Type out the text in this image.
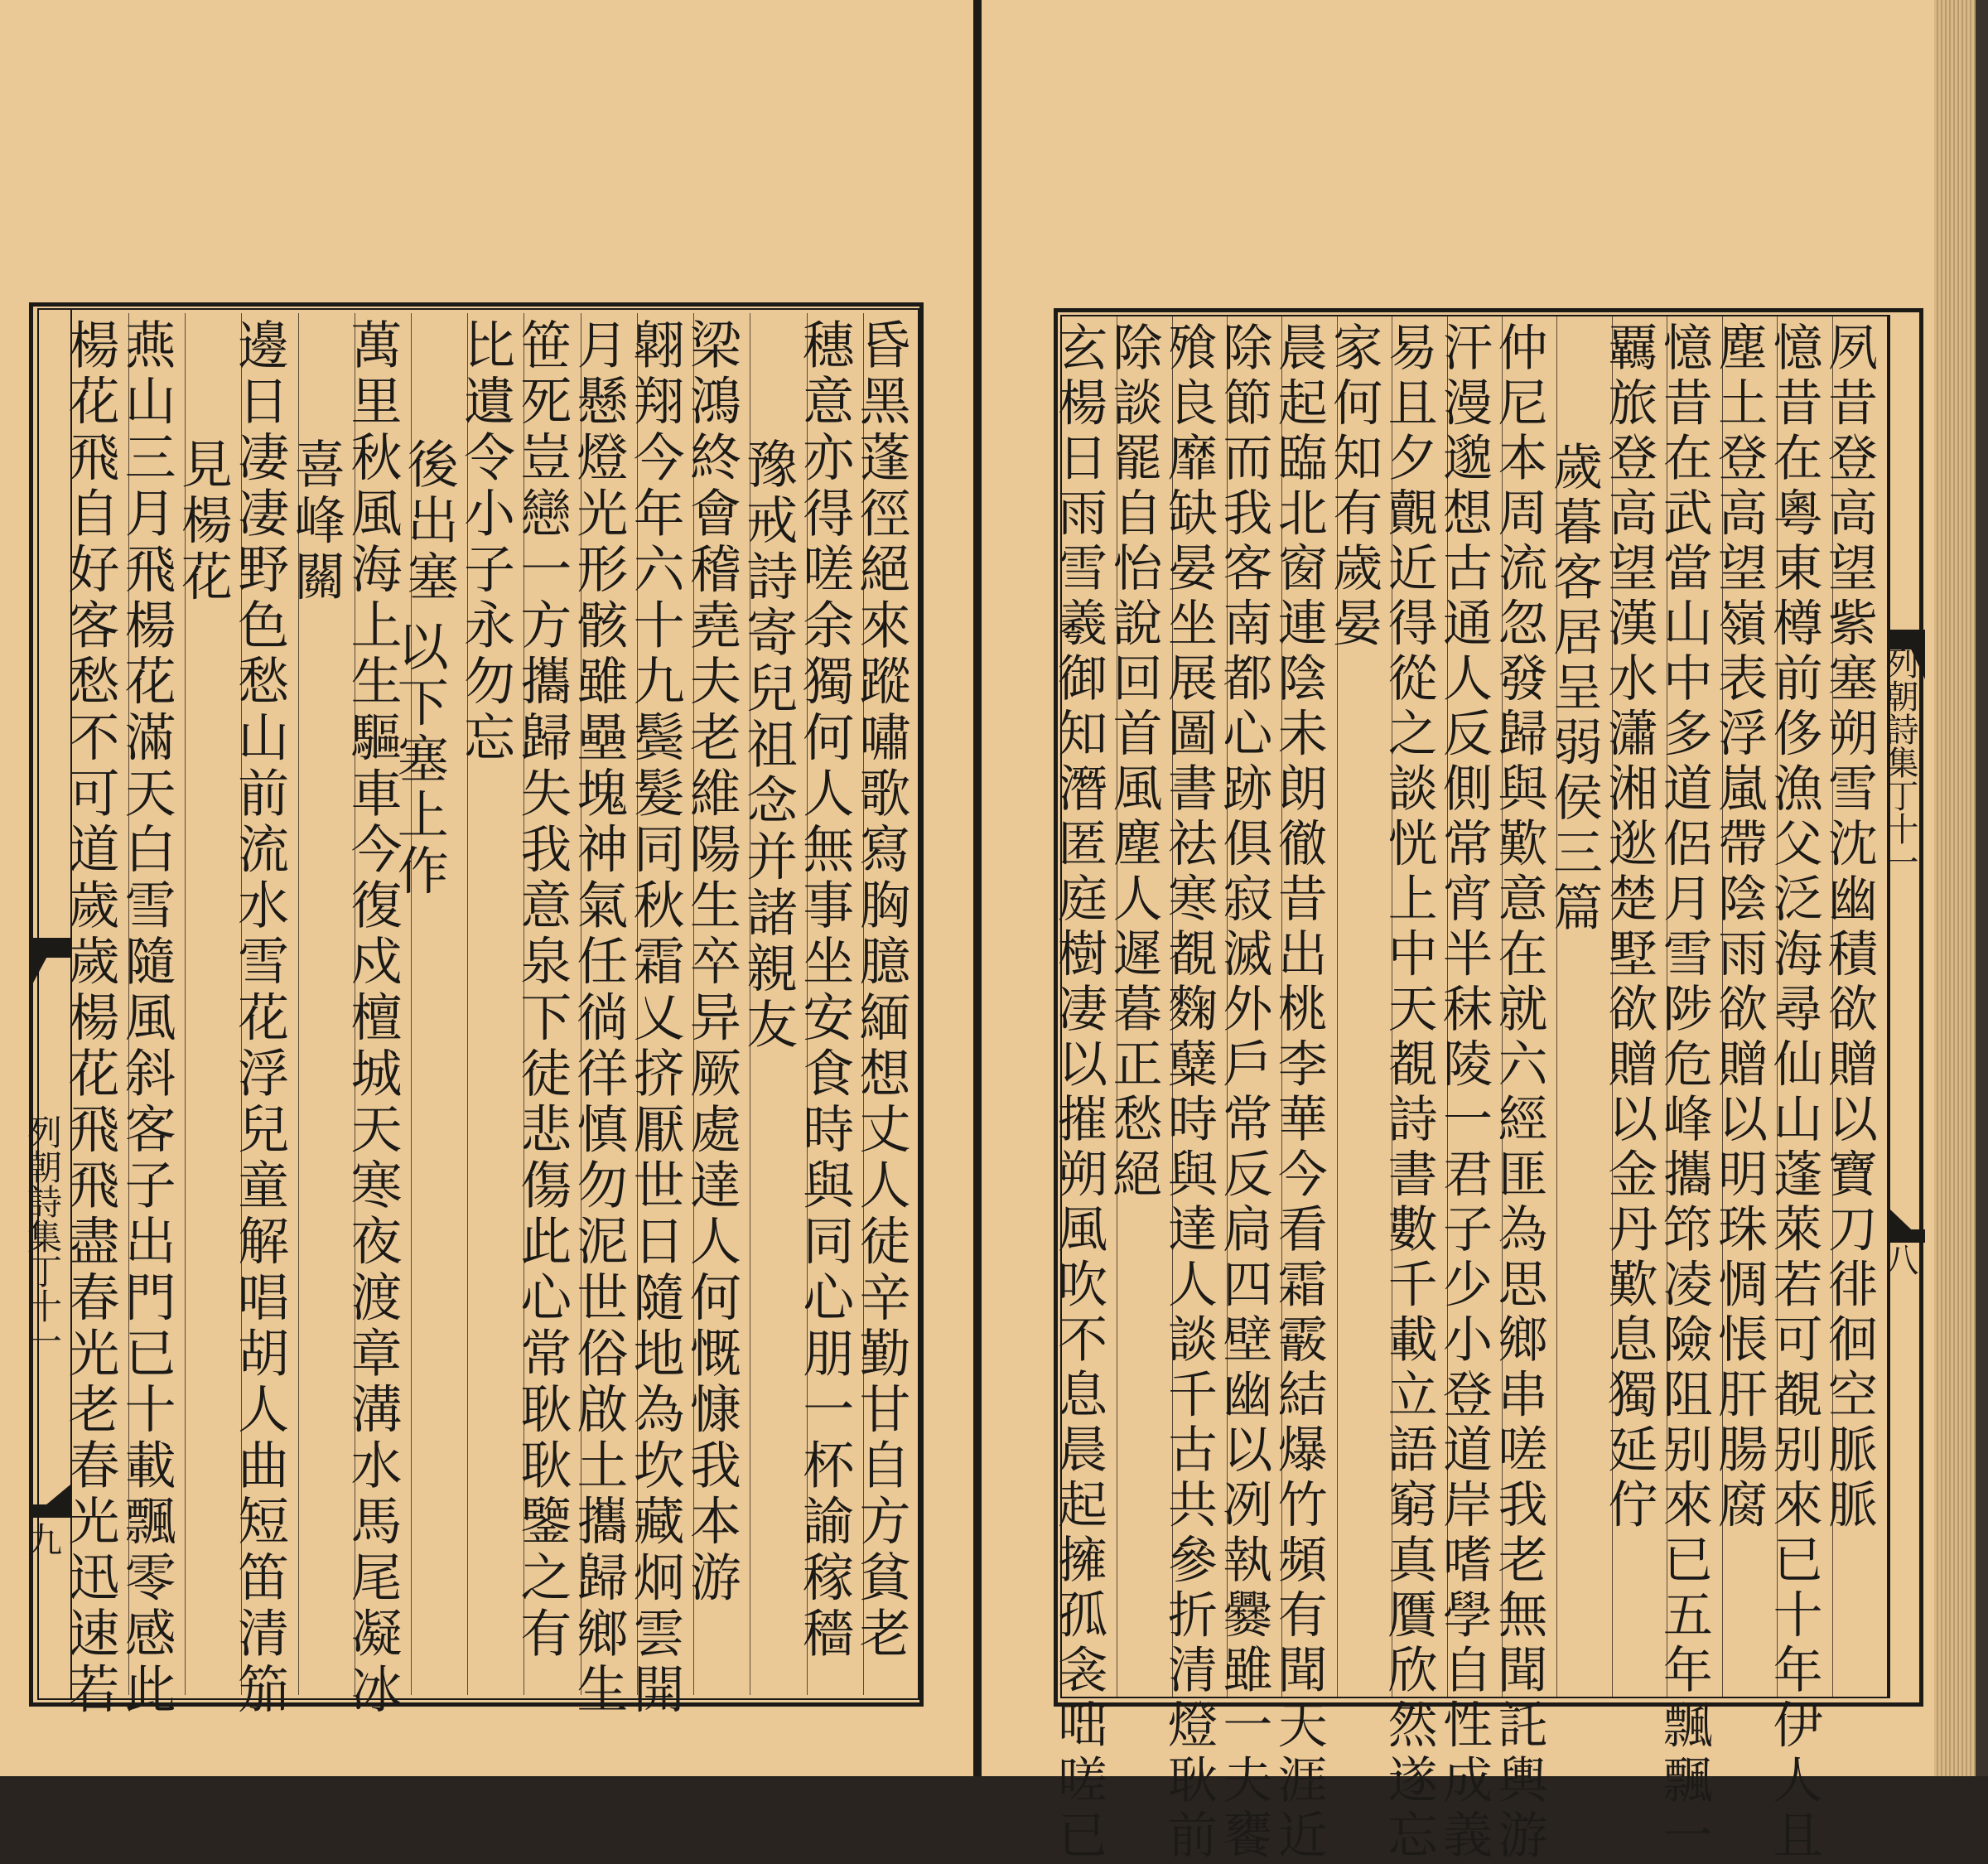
列朝詩集丁十一
九	昏黑蓬徑絕來蹤嘯歌寫胸臆緬想丈人徒辛勤甘自方貧老
穗意亦得嗟余獨何人無事坐安食時與同心朋一杯諭稼穡
豫戒詩寄兒祖念并諸親友
梁鴻終會稽堯夫老維陽生卒异厥處達人何慨慷我本游
翺翔今年六十九鬓髮同秋霜乂挤厭世日隨地為坎藏炯雲開
月懸燈光形骸雖壘塊神氣任徜徉慎勿泥世俗啟土攜歸鄉生
笹死豈戀一方攜歸失我意泉下徒悲傷此心常耿耿鑒之有
比遺令小子永勿忘
後出塞
以下塞上作
萬里秋風海上生驅車今復戍檀城天寒夜渡章溝水馬尾凝冰
喜峰關
邊日凄凄野色愁山前流水雪花浮兒童解唱胡人曲短笛清笳
見楊花
燕山三月飛楊花滿天白雪隨風斜客子出門已十載飄零感此
楊花飛自好客愁不可道歲歲楊花飛飛盡春光老春光迅速若	列朝詩集丁十一
八
夙昔登高望紫塞朔雪沈幽積欲贈以寶刀徘徊空脈脈
憶昔在粵東樽前侈漁父泛海尋仙山蓬萊若可覩别來已十年伊人且
塵土登高望嶺表浮嵐帶陰雨欲贈以明珠惆悵肝腸腐
憶昔在武當山中多道侶月雪陟危峰攜筇凌險阻别來已五年飄飄一
覊旅登高望漢水瀟湘逖楚墅欲贈以金丹歎息獨延佇
歲暮客居呈弱侯三篇
仲尼本周流忽發歸與歎意在就六經匪為思鄉串嗟我老無聞託輿游
汗漫邈想古通人反側常宵半秣陵一君子少小登道岸嗜學自性成義
易且夕覿近得從之談恍上中天覩詩書數千載立語窮真贋欣然遂忘
家何知有歲晏
晨起臨北窗連陰未朗徹昔出桃李華今看霜霰結爆竹頻有聞天涯近
除節而我客南都心跡俱寂滅外戶常反扃四壁幽以冽執爨雖一夫饔
飱良靡缺晏坐展圖書祛寒覩麴糵時與達人談千古共參折清燈耿前
除談罷自怡說回首風塵人遲暮正愁絕
玄楊日雨雪羲御知潛匿庭樹凄以摧朔風吹不息晨起擁孤衾咄嗟已
